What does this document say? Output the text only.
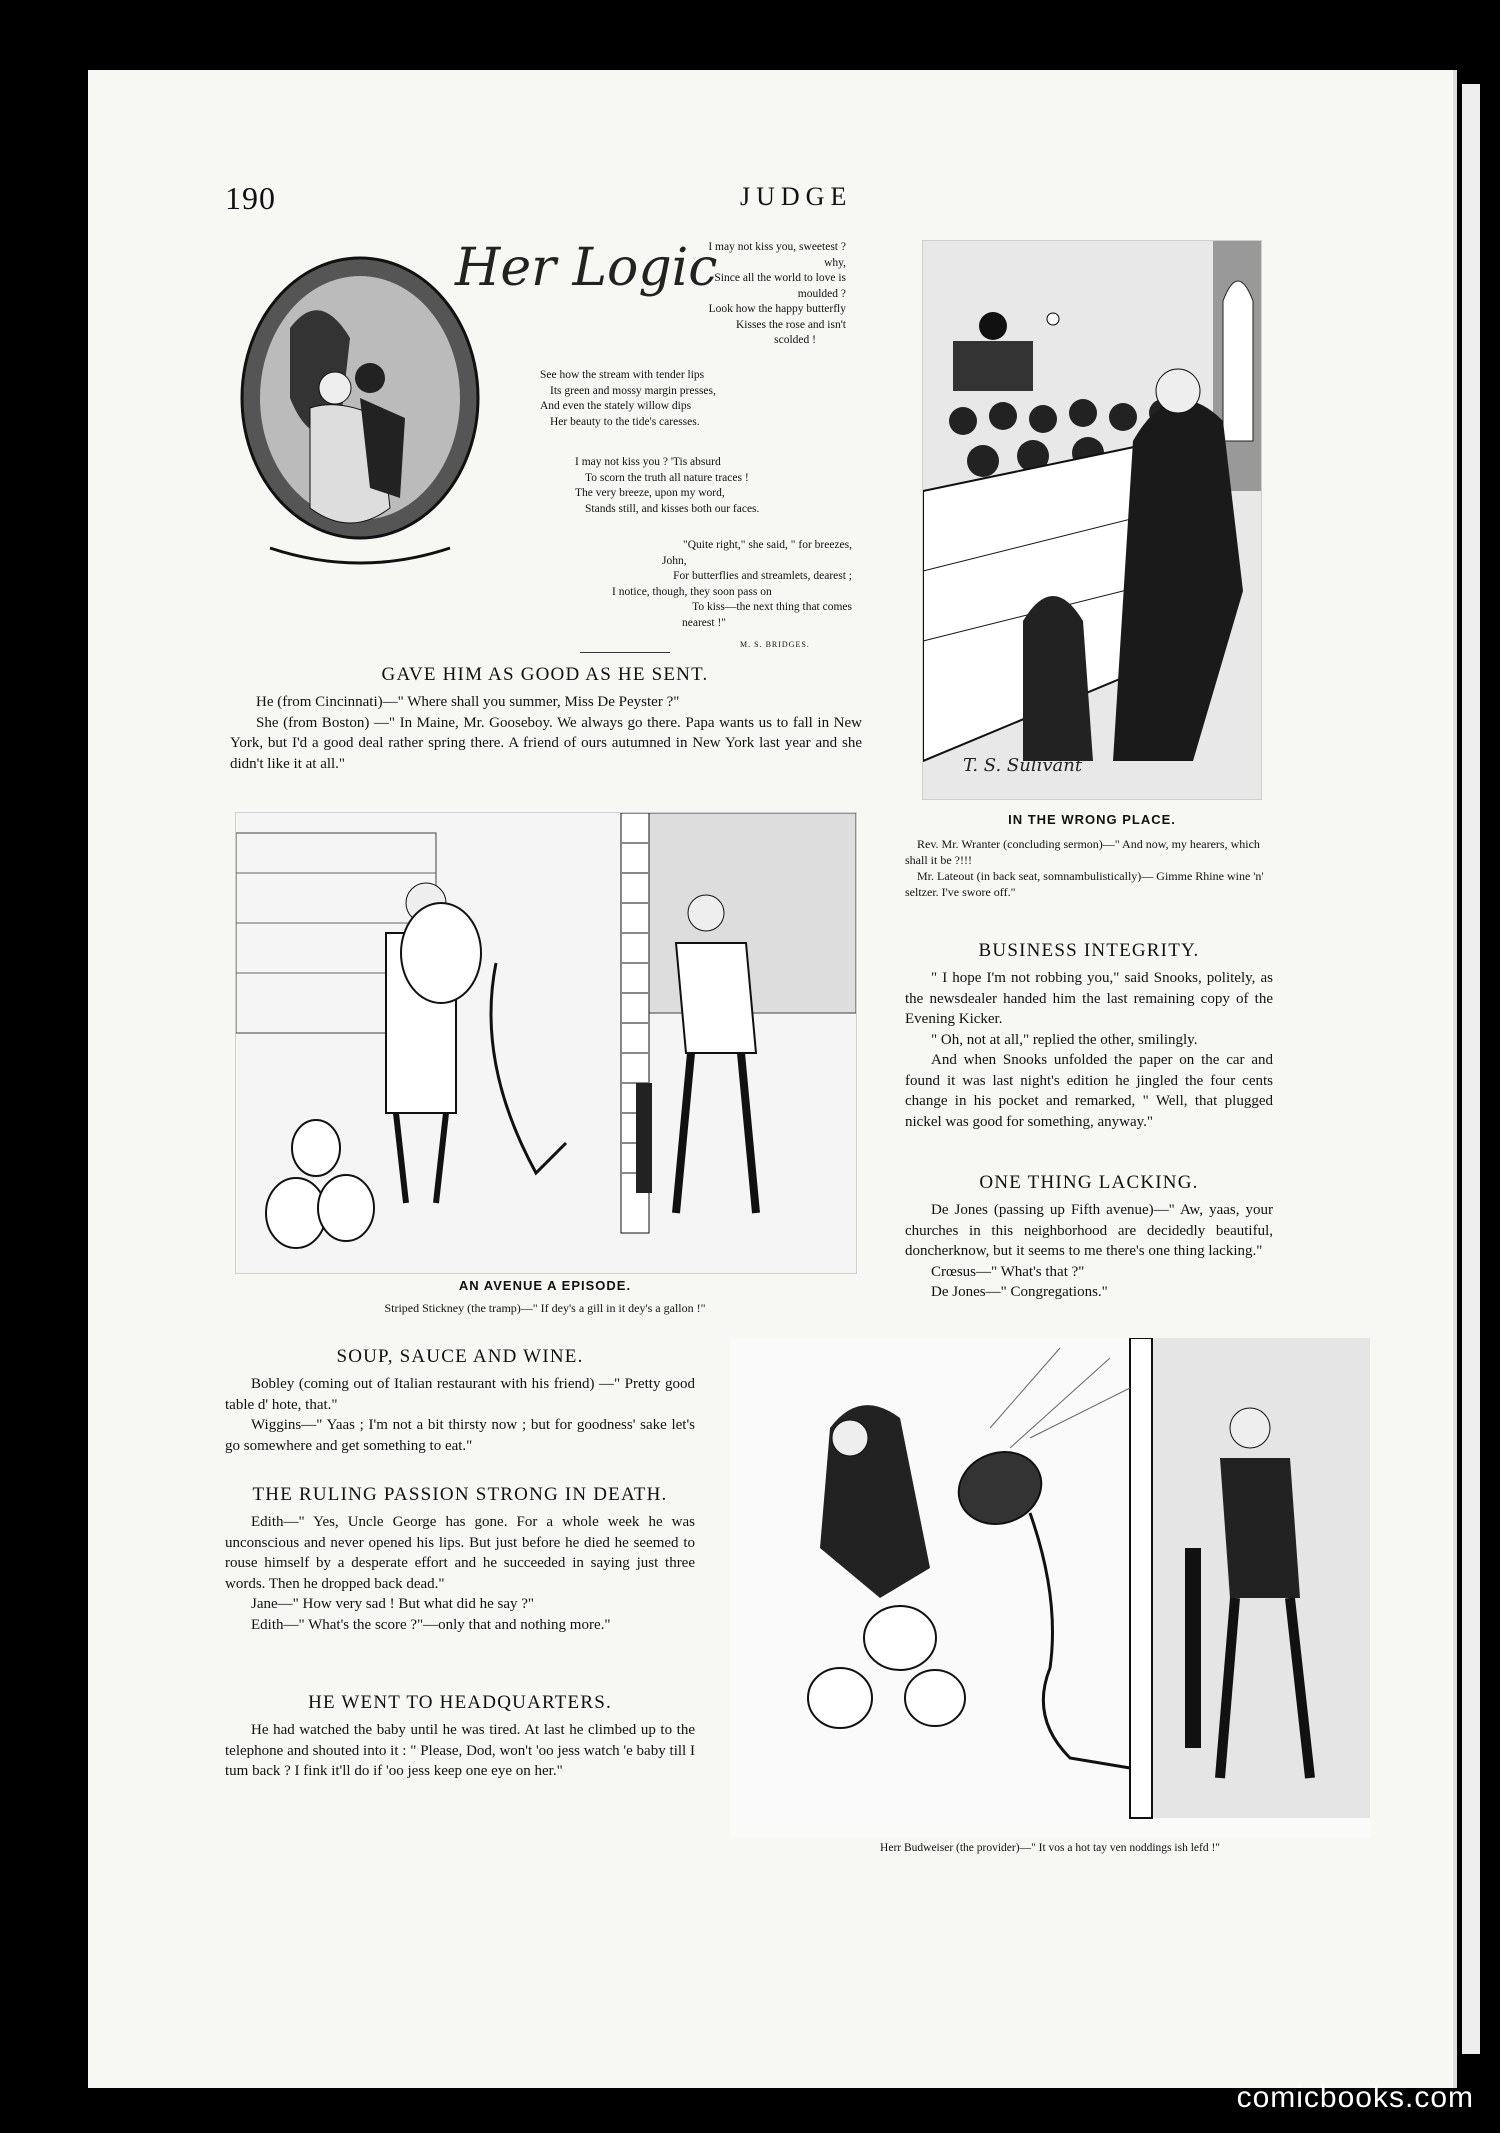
190	JUDGE
Her Logic
I may not kiss you, sweetest ?
why,
Since all the world to love is
moulded ?
Look how the happy butterfly
Kisses the rose and isn't
scolded !
See how the stream with tender lips
Its green and mossy margin presses,
And even the stately willow dips
Her beauty to the tide's caresses.
I may not kiss you ? 'Tis absurd
To scorn the truth all nature traces !
The very breeze, upon my word,
Stands still, and kisses both our faces.
"Quite right," she said, " for breezes,
John,
For butterflies and streamlets, dearest ;
I notice, though, they soon pass on
To kiss—the next thing that comes
nearest !"
M. S. BRIDGES.
GAVE HIM AS GOOD AS HE SENT.

He (from Cincinnati)—" Where shall you summer, Miss De Peyster ?"

She (from Boston) —" In Maine, Mr. Gooseboy. We always go there. Papa wants us to fall in New York, but I'd a good deal rather spring there. A friend of ours autumned in New York last year and she didn't like it at all."	T. S. Sulivant
IN THE WRONG PLACE.
Rev. Mr. Wranter (concluding sermon)—" And now, my hearers, which shall it be ?!!!
Mr. Lateout (in back seat, somnambulistically)— Gimme Rhine wine 'n' seltzer. I've swore off."
AN AVENUE A EPISODE.
Striped Stickney (the tramp)—" If dey's a gill in it dey's a gallon !"
BUSINESS INTEGRITY.

" I hope I'm not robbing you," said Snooks, politely, as the newsdealer handed him the last remaining copy of the Evening Kicker.

" Oh, not at all," replied the other, smilingly.

And when Snooks unfolded the paper on the car and found it was last night's edition he jingled the four cents change in his pocket and remarked, " Well, that plugged nickel was good for something, anyway."

ONE THING LACKING.

De Jones (passing up Fifth avenue)—" Aw, yaas, your churches in this neighborhood are decidedly beautiful, doncherknow, but it seems to me there's one thing lacking."

Crœsus—" What's that ?"

De Jones—" Congregations."

SOUP, SAUCE AND WINE.

Bobley (coming out of Italian restaurant with his friend) —" Pretty good table d' hote, that."

Wiggins—" Yaas ; I'm not a bit thirsty now ; but for goodness' sake let's go somewhere and get something to eat."

THE RULING PASSION STRONG IN DEATH.

Edith—" Yes, Uncle George has gone. For a whole week he was unconscious and never opened his lips. But just before he died he seemed to rouse himself by a desperate effort and he succeeded in saying just three words. Then he dropped back dead."

Jane—" How very sad ! But what did he say ?"

Edith—" What's the score ?"—only that and nothing more."

HE WENT TO HEADQUARTERS.

He had watched the baby until he was tired. At last he climbed up to the telephone and shouted into it : " Please, Dod, won't 'oo jess watch 'e baby till I tum back ? I fink it'll do if 'oo jess keep one eye on her."

Herr Budweiser (the provider)—" It vos a hot tay ven noddings ish lefd !"
comicbooks.com
